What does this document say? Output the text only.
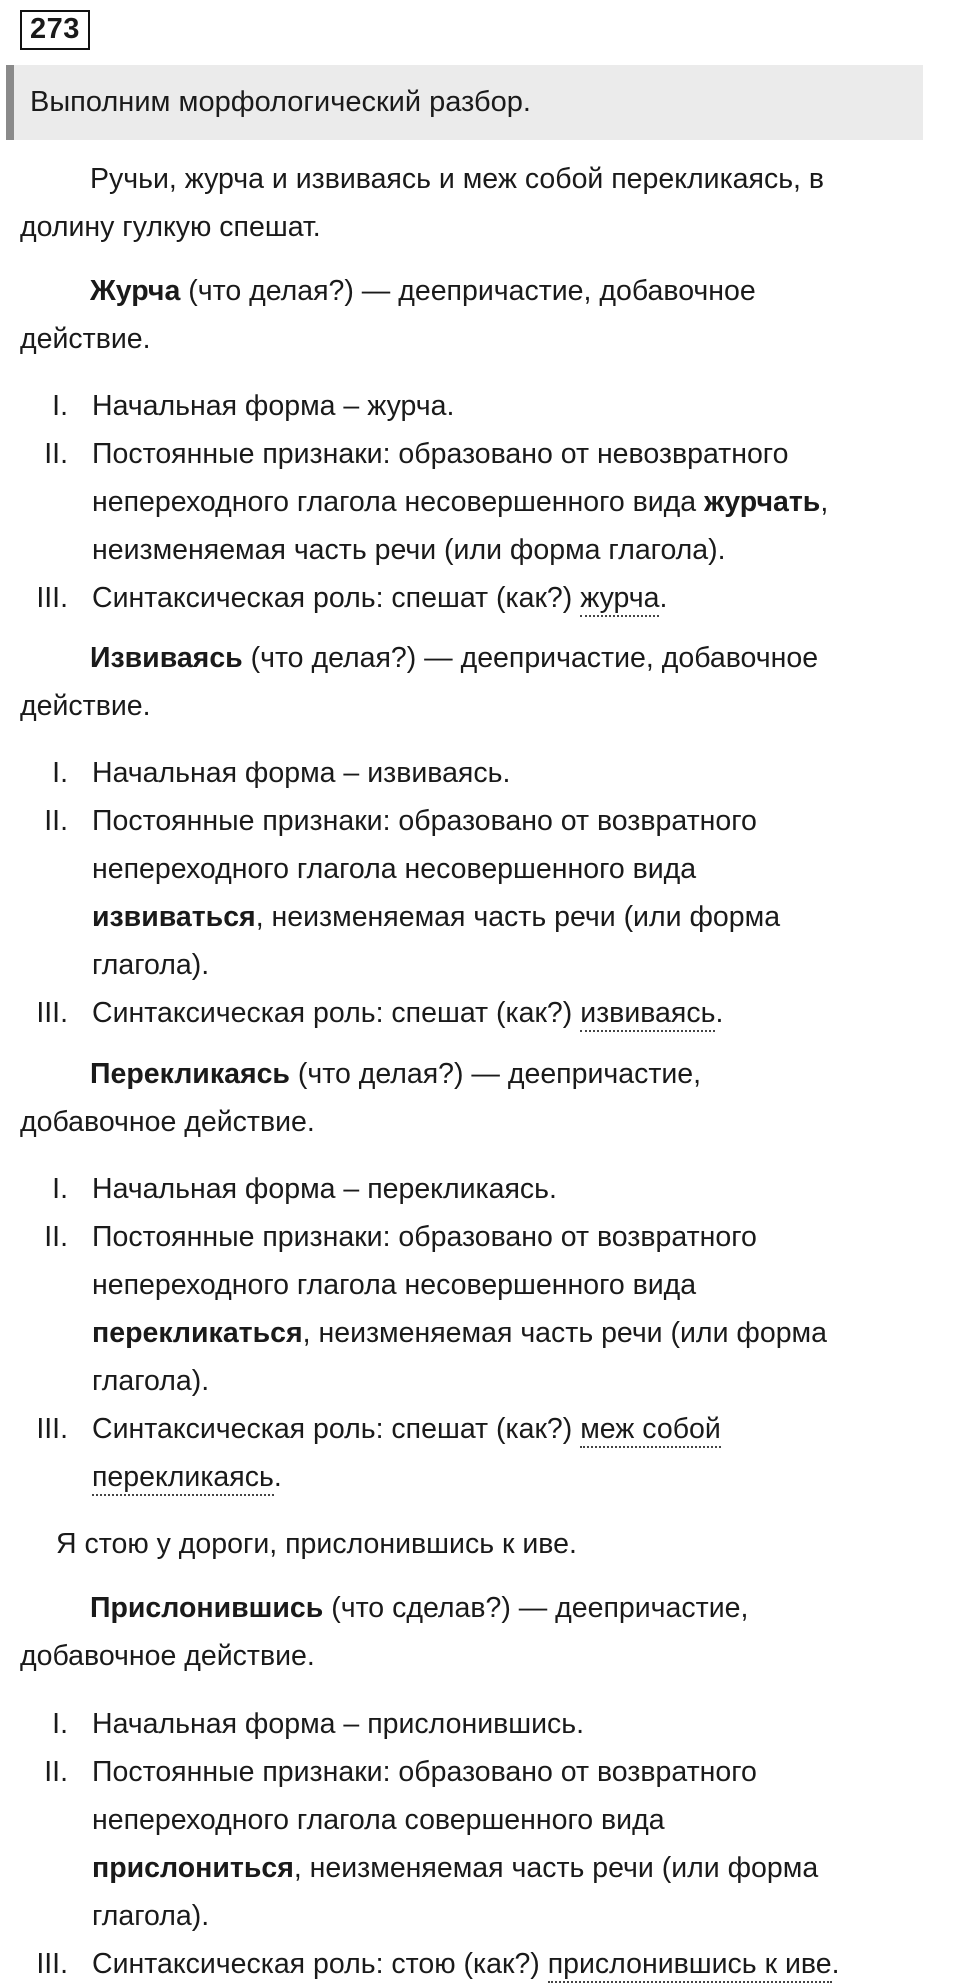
273
Выполним морфологический разбор.

Ручьи, журча и извиваясь и меж собой перекликаясь, в

долину гулкую спешат.

Журча (что делая?) — деепричастие, добавочное

действие.

I. Начальная форма – журча.
II. Постоянные признаки: образовано от невозвратного
непереходного глагола несовершенного вида журчать,
неизменяемая часть речи (или форма глагола).
III. Синтаксическая роль: спешат (как?) журча.

Извиваясь (что делая?) — деепричастие, добавочное

действие.

I. Начальная форма – извиваясь.
II. Постоянные признаки: образовано от возвратного
непереходного глагола несовершенного вида
извиваться, неизменяемая часть речи (или форма
глагола).
III. Синтаксическая роль: спешат (как?) извиваясь.

Перекликаясь (что делая?) — деепричастие,

добавочное действие.

I. Начальная форма – перекликаясь.
II. Постоянные признаки: образовано от возвратного
непереходного глагола несовершенного вида
перекликаться, неизменяемая часть речи (или форма
глагола).
III. Синтаксическая роль: спешат (как?) меж собой
перекликаясь.

Я стою у дороги, прислонившись к иве.

Прислонившись (что сделав?) — деепричастие,

добавочное действие.

I. Начальная форма – прислонившись.
II. Постоянные признаки: образовано от возвратного
непереходного глагола совершенного вида
прислониться, неизменяемая часть речи (или форма
глагола).
III. Синтаксическая роль: стою (как?) прислонившись к иве.
